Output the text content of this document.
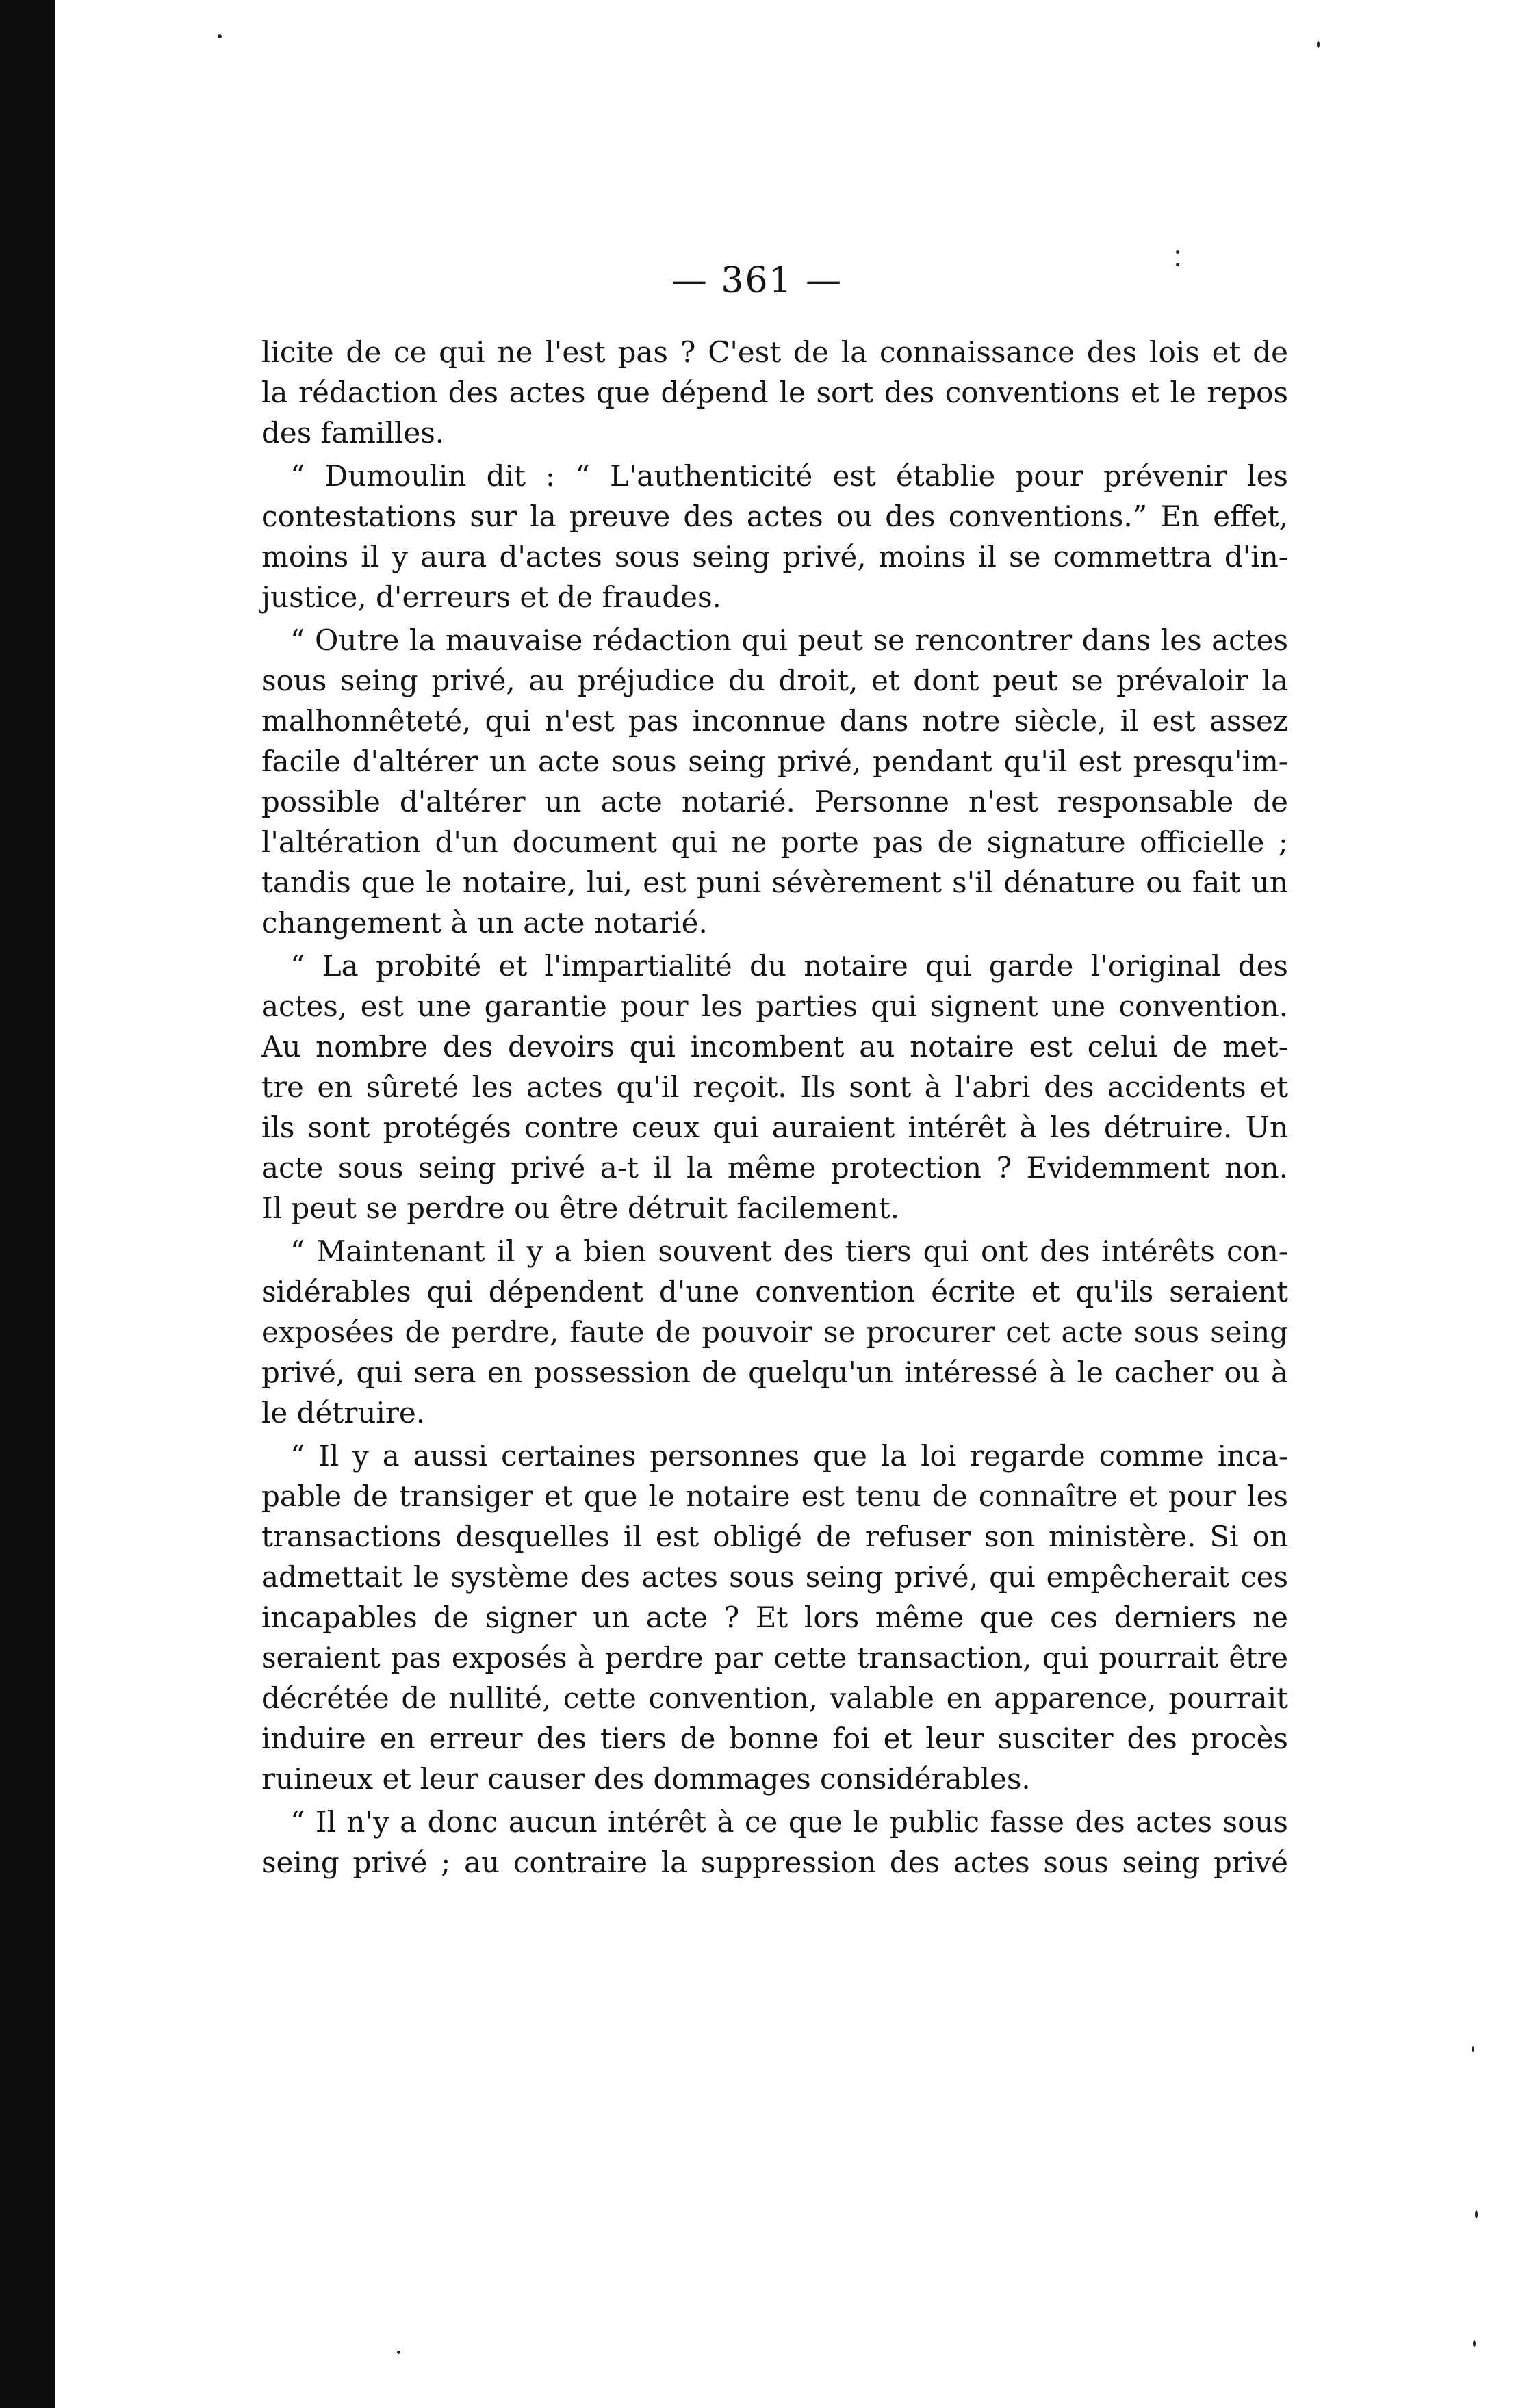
— 361 —
licite de ce qui ne l'est pas ? C'est de la connaissance des lois et de
la rédaction des actes que dépend le sort des conventions et le repos
des familles.
“ Dumoulin dit : “ L'authenticité est établie pour prévenir les
contestations sur la preuve des actes ou des conventions.” En effet,
moins il y aura d'actes sous seing privé, moins il se commettra d'in-
justice, d'erreurs et de fraudes.
“ Outre la mauvaise rédaction qui peut se rencontrer dans les actes
sous seing privé, au préjudice du droit, et dont peut se prévaloir la
malhonnêteté, qui n'est pas inconnue dans notre siècle, il est assez
facile d'altérer un acte sous seing privé, pendant qu'il est presqu'im-
possible d'altérer un acte notarié. Personne n'est responsable de
l'altération d'un document qui ne porte pas de signature officielle ;
tandis que le notaire, lui, est puni sévèrement s'il dénature ou fait un
changement à un acte notarié.
“ La probité et l'impartialité du notaire qui garde l'original des
actes, est une garantie pour les parties qui signent une convention.
Au nombre des devoirs qui incombent au notaire est celui de met-
tre en sûreté les actes qu'il reçoit. Ils sont à l'abri des accidents et
ils sont protégés contre ceux qui auraient intérêt à les détruire. Un
acte sous seing privé a-t il la même protection ? Evidemment non.
Il peut se perdre ou être détruit facilement.
“ Maintenant il y a bien souvent des tiers qui ont des intérêts con-
sidérables qui dépendent d'une convention écrite et qu'ils seraient
exposées de perdre, faute de pouvoir se procurer cet acte sous seing
privé, qui sera en possession de quelqu'un intéressé à le cacher ou à
le détruire.
“ Il y a aussi certaines personnes que la loi regarde comme inca-
pable de transiger et que le notaire est tenu de connaître et pour les
transactions desquelles il est obligé de refuser son ministère. Si on
admettait le système des actes sous seing privé, qui empêcherait ces
incapables de signer un acte ? Et lors même que ces derniers ne
seraient pas exposés à perdre par cette transaction, qui pourrait être
décrétée de nullité, cette convention, valable en apparence, pourrait
induire en erreur des tiers de bonne foi et leur susciter des procès
ruineux et leur causer des dommages considérables.
“ Il n'y a donc aucun intérêt à ce que le public fasse des actes sous
seing privé ; au contraire la suppression des actes sous seing privé
